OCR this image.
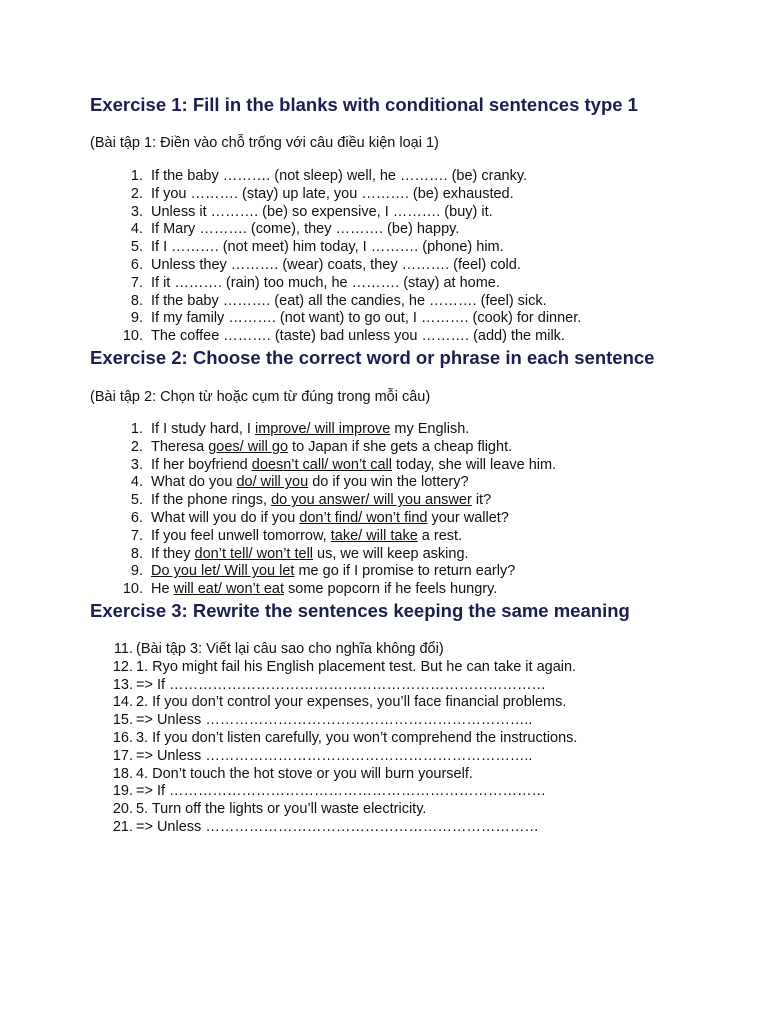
Exercise 1: Fill in the blanks with conditional sentences type 1

(Bài tập 1: Điền vào chỗ trống với câu điều kiện loại 1)

1. If the baby ………. (not sleep) well, he ………. (be) cranky.
2. If you ………. (stay) up late, you ………. (be) exhausted.
3. Unless it ………. (be) so expensive, I ………. (buy) it.
4. If Mary ………. (come), they ………. (be) happy.
5. If I ………. (not meet) him today, I ………. (phone) him.
6. Unless they ………. (wear) coats, they ………. (feel) cold.
7. If it ………. (rain) too much, he ………. (stay) at home.
8. If the baby ………. (eat) all the candies, he ………. (feel) sick.
9. If my family ………. (not want) to go out, I ………. (cook) for dinner.
10. The coffee ………. (taste) bad unless you ………. (add) the milk.
Exercise 2: Choose the correct word or phrase in each sentence

(Bài tập 2: Chọn từ hoặc cụm từ đúng trong mỗi câu)

1. If I study hard, I improve/ will improve my English.
2. Theresa goes/ will go to Japan if she gets a cheap flight.
3. If her boyfriend doesn’t call/ won’t call today, she will leave him.
4. What do you do/ will you do if you win the lottery?
5. If the phone rings, do you answer/ will you answer it?
6. What will you do if you don’t find/ won’t find your wallet?
7. If you feel unwell tomorrow, take/ will take a rest.
8. If they don’t tell/ won’t tell us, we will keep asking.
9. Do you let/ Will you let me go if I promise to return early?
10. He will eat/ won’t eat some popcorn if he feels hungry.
Exercise 3: Rewrite the sentences keeping the same meaning
11. (Bài tập 3: Viết lại câu sao cho nghĩa không đổi)
12. 1. Ryo might fail his English placement test. But he can take it again.
13. => If ……………………………………………………………………
14. 2. If you don’t control your expenses, you’ll face financial problems.
15. => Unless …………………………………………………………..
16. 3. If you don’t listen carefully, you won’t comprehend the instructions.
17. => Unless …………………………………………………………..
18. 4. Don’t touch the hot stove or you will burn yourself.
19. => If ……………………………………………………………………
20. 5. Turn off the lights or you’ll waste electricity.
21. => Unless ……………………………………………………………
